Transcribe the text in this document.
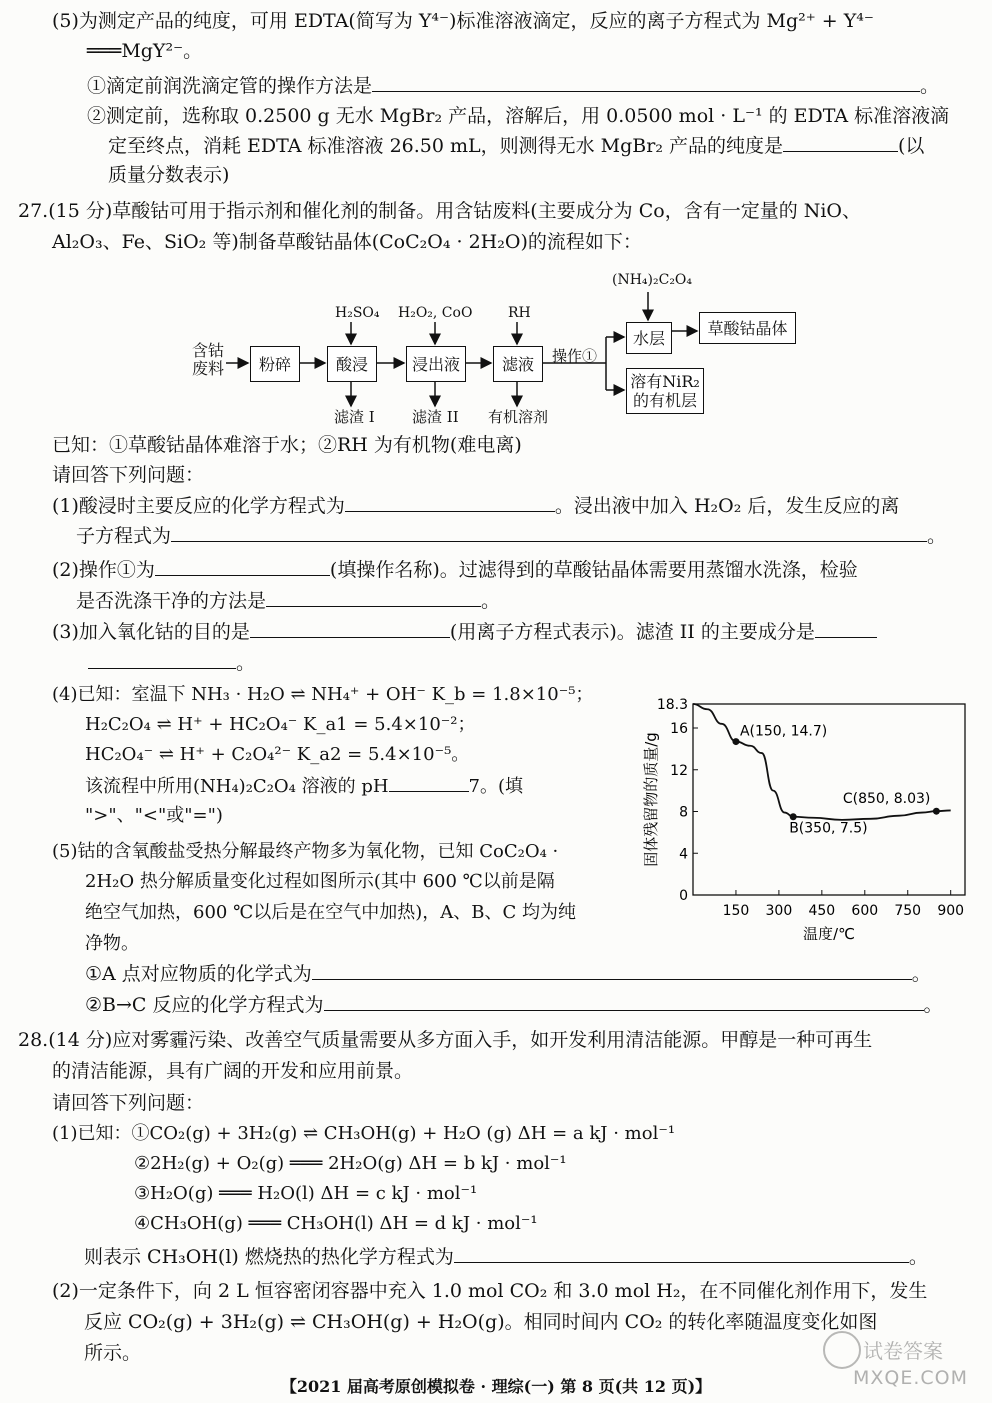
(5)为测定产品的纯度，可用 EDTA(简写为 Y⁴⁻)标准溶液滴定，反应的离子方程式为 Mg²⁺ + Y⁴⁻
═══MgY²⁻。
①滴定前润洗滴定管的操作方法是	。
②测定前，选称取 0.2500 g 无水 MgBr₂ 产品，溶解后，用 0.0500 mol · L⁻¹ 的 EDTA 标准溶液滴
定至终点，消耗 EDTA 标准溶液 26.50 mL，则测得无水 MgBr₂ 产品的纯度是	(以
质量分数表示)
27.(15 分)草酸钴可用于指示剂和催化剂的制备。用含钴废料(主要成分为 Co，含有一定量的 NiO、
Al₂O₃、Fe、SiO₂ 等)制备草酸钴晶体(CoC₂O₄ · 2H₂O)的流程如下：
含钴
废料	粉碎	酸浸	浸出液	滤液
水层
草酸钴晶体
溶有NiR₂
的有机层
H₂SO₄ H₂O₂, CoO	RH
(NH₄)₂C₂O₄
操作①
滤渣 I 滤渣 II 有机溶剂
已知：①草酸钴晶体难溶于水；②RH 为有机物(难电离)
请回答下列问题：
(1)酸浸时主要反应的化学方程式为	。浸出液中加入 H₂O₂ 后，发生反应的离
子方程式为	。
(2)操作①为	(填操作名称)。过滤得到的草酸钴晶体需要用蒸馏水洗涤，检验
是否洗涤干净的方法是	。
(3)加入氧化钴的目的是	(用离子方程式表示)。滤渣 II 的主要成分是
。
(4)已知：室温下 NH₃ · H₂O ⇌ NH₄⁺ + OH⁻ K_b = 1.8×10⁻⁵；
H₂C₂O₄ ⇌ H⁺ + HC₂O₄⁻ K_a1 = 5.4×10⁻²；
HC₂O₄⁻ ⇌ H⁺ + C₂O₄²⁻ K_a2 = 5.4×10⁻⁵。
该流程中所用(NH₄)₂C₂O₄ 溶液的 pH	7。(填
">"、"<"或"=")
(5)钴的含氧酸盐受热分解最终产物多为氧化物，已知 CoC₂O₄ ·
2H₂O 热分解质量变化过程如图所示(其中 600 ℃以前是隔
绝空气加热，600 ℃以后是在空气中加热)，A、B、C 均为纯
净物。
①A 点对应物质的化学式为	。
②B→C 反应的化学方程式为	。
0
4
8
12
16
18.3
150 300 450 600 750 900
温度/℃
固体残留物的质量/g
A(150, 14.7)
B(350, 7.5)
C(850, 8.03)
28.(14 分)应对雾霾污染、改善空气质量需要从多方面入手，如开发利用清洁能源。甲醇是一种可再生
的清洁能源，具有广阔的开发和应用前景。
请回答下列问题：
(1)已知：①CO₂(g) + 3H₂(g) ⇌ CH₃OH(g) + H₂O (g) ΔH = a kJ · mol⁻¹
②2H₂(g) + O₂(g) ═══ 2H₂O(g) ΔH = b kJ · mol⁻¹
③H₂O(g) ═══ H₂O(l) ΔH = c kJ · mol⁻¹
④CH₃OH(g) ═══ CH₃OH(l) ΔH = d kJ · mol⁻¹
则表示 CH₃OH(l) 燃烧热的热化学方程式为	。
(2)一定条件下，向 2 L 恒容密闭容器中充入 1.0 mol CO₂ 和 3.0 mol H₂，在不同催化剂作用下，发生
反应 CO₂(g) + 3H₂(g) ⇌ CH₃OH(g) + H₂O(g)。相同时间内 CO₂ 的转化率随温度变化如图
所示。
【2021 届高考原创模拟卷 · 理综(一) 第 8 页(共 12 页)】
试卷答案
MXQE.COM
